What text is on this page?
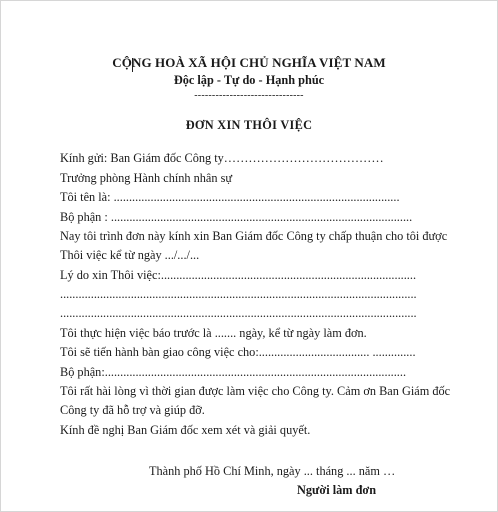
CỘNG HOÀ XÃ HỘI CHỦ NGHĨA VIỆT NAM
Độc lập - Tự do - Hạnh phúc
-------------------------------
ĐƠN XIN THÔI VIỆC
Kính gửi: Ban Giám đốc Công ty…………………………………
Trưởng phòng Hành chính nhân sự
Tôi tên là: .............................................................................................
Bộ phận : ..................................................................................................
Nay tôi trình đơn này kính xin Ban Giám đốc Công ty chấp thuận cho tôi được
Thôi việc kể từ ngày .../.../...
Lý do xin Thôi việc:...................................................................................
....................................................................................................................
....................................................................................................................
Tôi thực hiện việc báo trước là ....... ngày, kể từ ngày làm đơn.
Tôi sẽ tiến hành bàn giao công việc cho:.................................... ..............
Bộ phận:..................................................................................................
Tôi rất hài lòng vì thời gian được làm việc cho Công ty. Cảm ơn Ban Giám đốc
Công ty đã hỗ trợ và giúp đỡ.
Kính đề nghị Ban Giám đốc xem xét và giải quyết.
Thành phố Hồ Chí Minh, ngày ... tháng ... năm …
Người làm đơn
